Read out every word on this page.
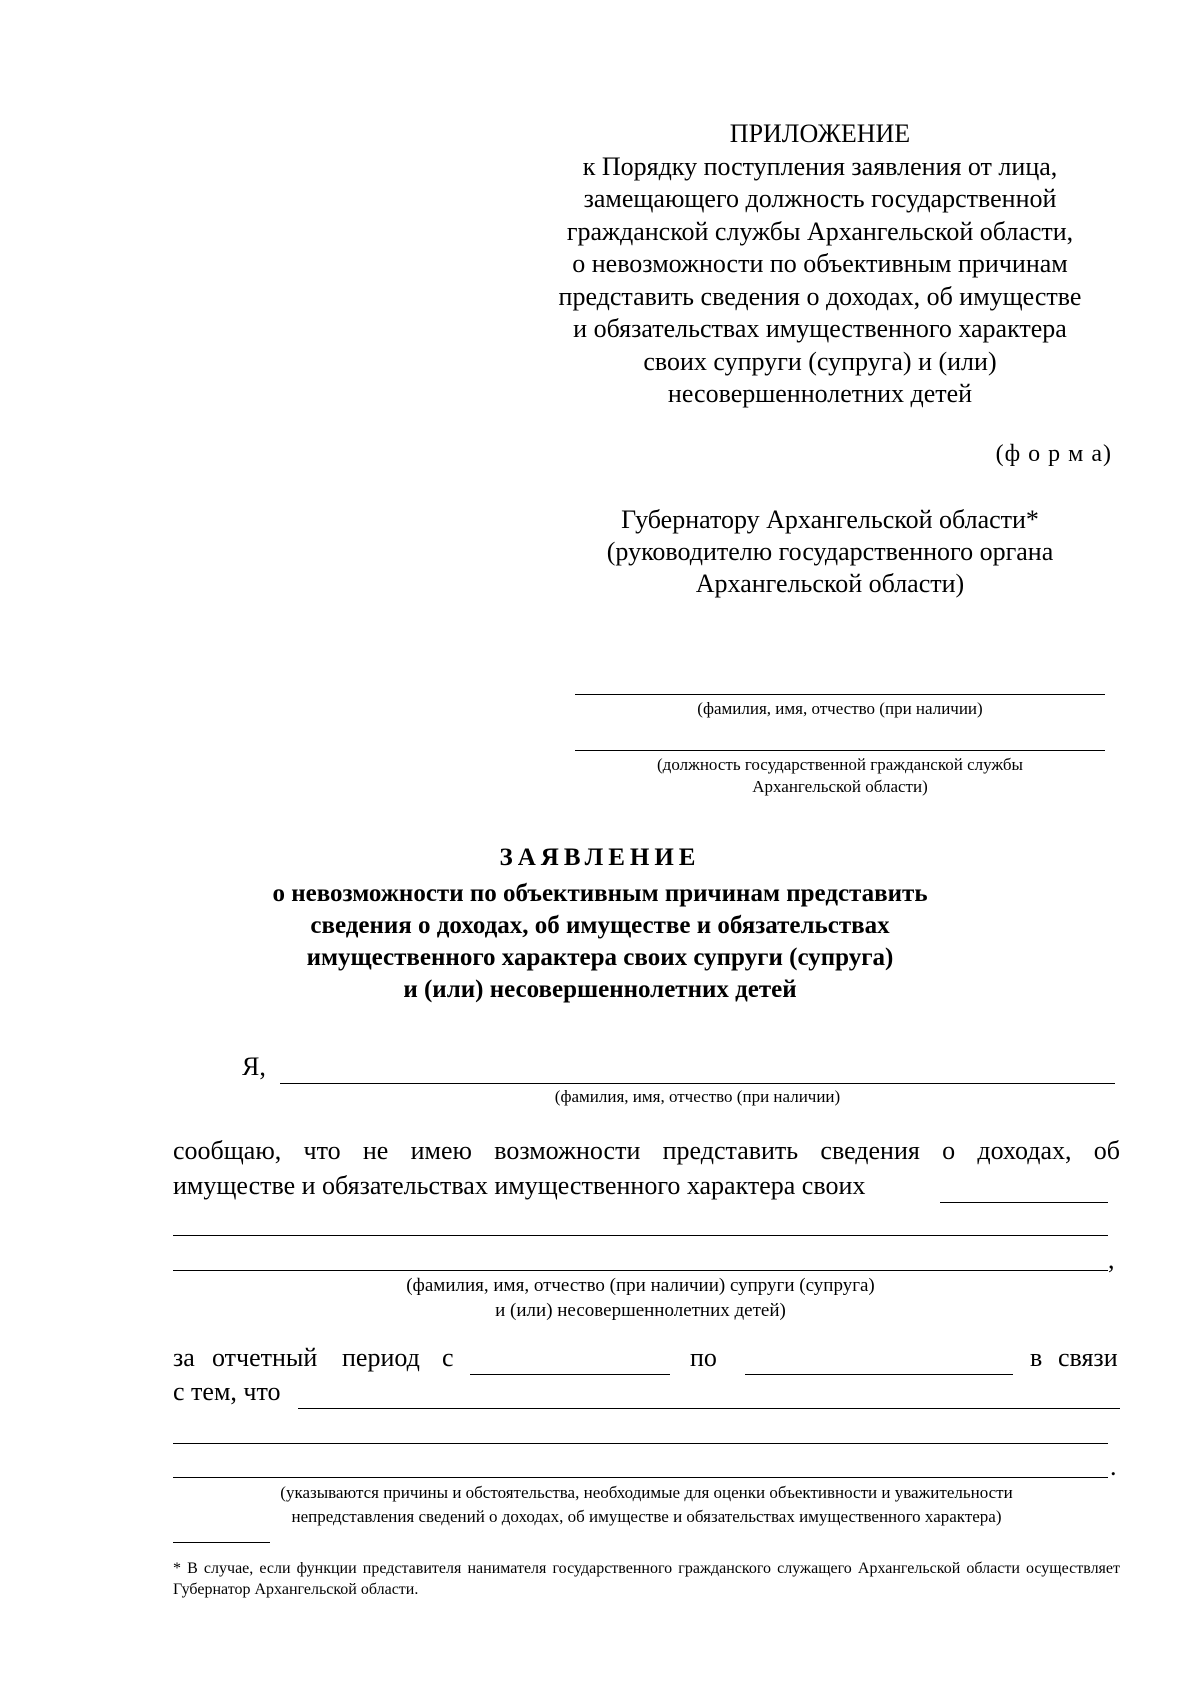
ПРИЛОЖЕНИЕ
к Порядку поступления заявления от лица,
замещающего должность государственной
гражданской службы Архангельской области,
о невозможности по объективным причинам
представить сведения о доходах, об имуществе
и обязательствах имущественного характера
своих супруги (супруга) и (или)
несовершеннолетних детей
(ф о р м а)
Губернатору Архангельской области*
(руководителю государственного органа
Архангельской области)
(фамилия, имя, отчество (при наличии)
(должность государственной гражданской службы
Архангельской области)
ЗАЯВЛЕНИЕ
о невозможности по объективным причинам представить
сведения о доходах, об имуществе и обязательствах
имущественного характера своих супруги (супруга)
и (или) несовершеннолетних детей
Я,
(фамилия, имя, отчество (при наличии)
сообщаю, что не имею возможности представить сведения о доходах, об
имуществе и обязательствах имущественного характера своих
,
(фамилия, имя, отчество (при наличии) супруги (супруга)
и (или) несовершеннолетних детей)
за отчетный период с	по	в связи
с тем, что
.
(указываются причины и обстоятельства, необходимые для оценки объективности и уважительности
непредставления сведений о доходах, об имуществе и обязательствах имущественного характера)
* В случае, если функции представителя нанимателя государственного гражданского служащего Архангельской области осуществляет Губернатор Архангельской области.
